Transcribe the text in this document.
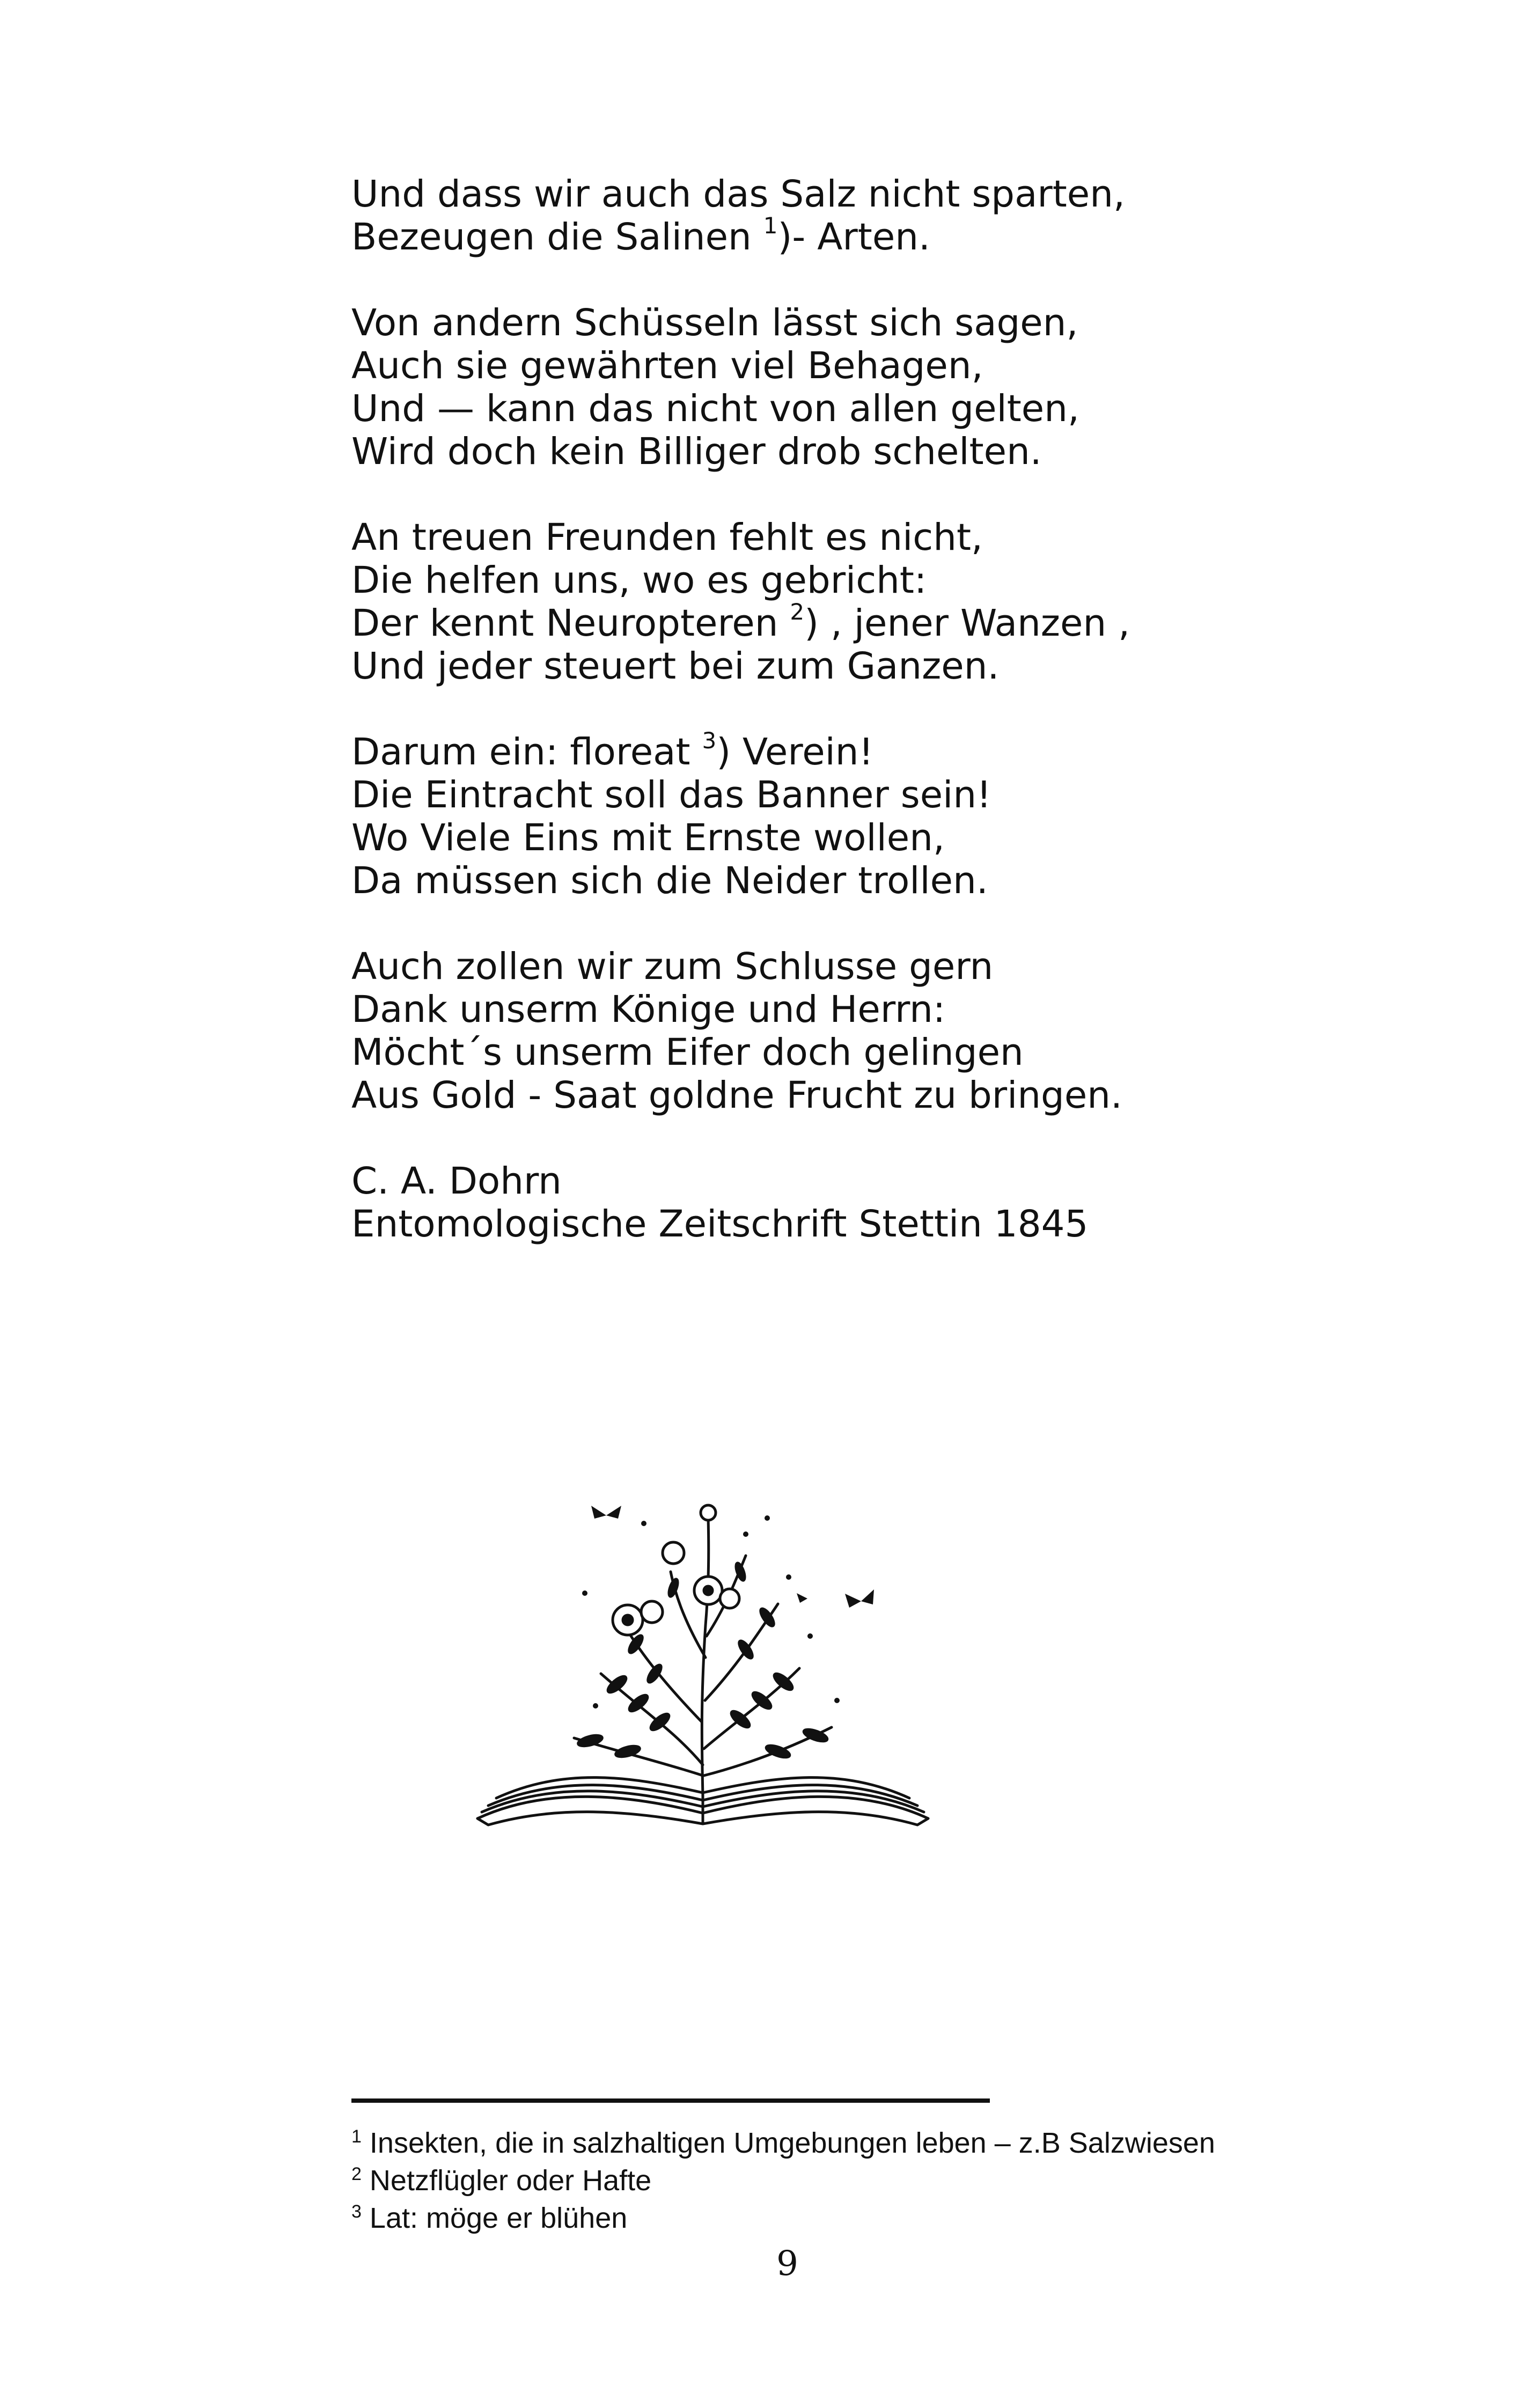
Und dass wir auch das Salz nicht sparten,
Bezeugen die Salinen $^1$)- Arten.
Von andern Schüsseln lässt sich sagen,
Auch sie gewährten viel Behagen,
Und — kann das nicht von allen gelten,
Wird doch kein Billiger drob schelten.
An treuen Freunden fehlt es nicht,
Die helfen uns, wo es gebricht:
Der kennt Neuropteren $^2$) , jener Wanzen ,
Und jeder steuert bei zum Ganzen.
Darum ein: floreat $^3$) Verein!
Die Eintracht soll das Banner sein!
Wo Viele Eins mit Ernste wollen,
Da müssen sich die Neider trollen.
Auch zollen wir zum Schlusse gern
Dank unserm Könige und Herrn:
Möcht´s unserm Eifer doch gelingen
Aus Gold - Saat goldne Frucht zu bringen.
C. A. Dohrn
Entomologische Zeitschrift Stettin 1845
$^1$ Insekten, die in salzhaltigen Umgebungen leben – z.B Salzwiesen
$^2$ Netzflügler oder Hafte
$^3$ Lat: möge er blühen
9
